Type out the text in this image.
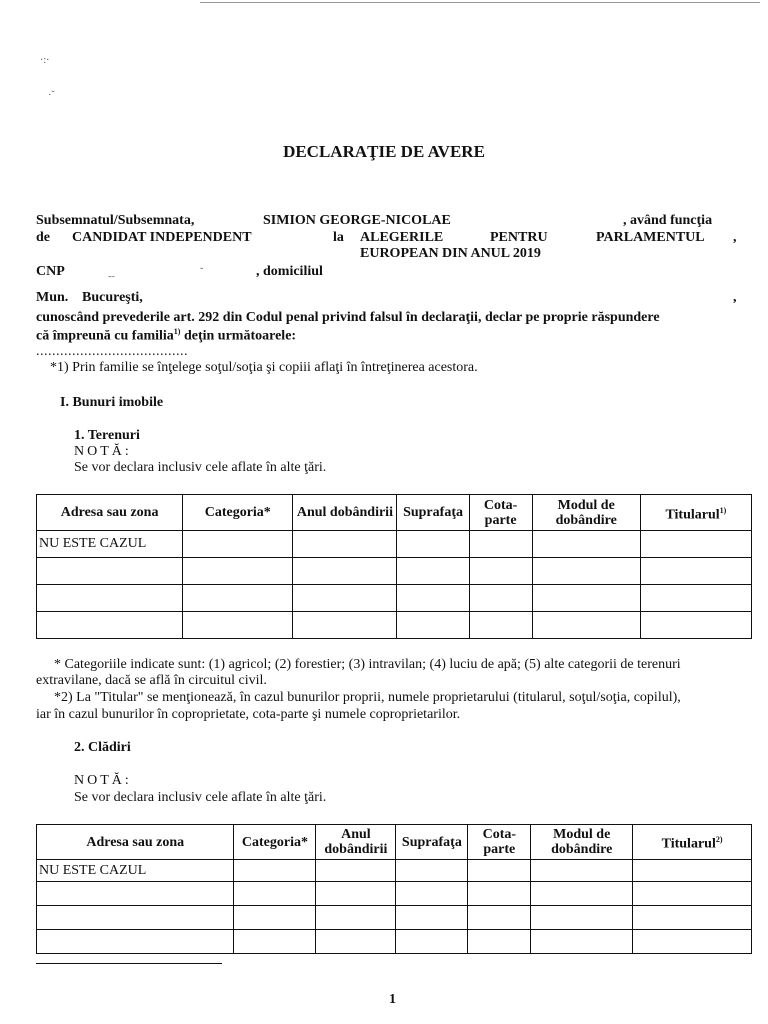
·:·
·˘
DECLARAŢIE DE AVERE
Subsemnatul/Subsemnata,	SIMION GEORGE-NICOLAE	, având funcţia
de CANDIDAT INDEPENDENT	la ALEGERILE	PENTRU	PARLAMENTUL ,
EUROPEAN DIN ANUL 2019
CNP	˷˷	˘	, domiciliul
Mun. Bucureşti,	,
cunoscând prevederile art. 292 din Codul penal privind falsul în declaraţii, declar pe proprie răspundere
că împreună cu familia$^{1)}$ deţin următoarele:
......................................
*1) Prin familie se înţelege soţul/soţia şi copiii aflaţi în întreţinerea acestora.
I. Bunuri imobile
1. Terenuri
NOTĂ:
Se vor declara inclusiv cele aflate în alte ţări.
Adresa sau zona	Categoria*	Anul dobândirii	Suprafaţa	Cota-parte	Modul de dobândire	Titularul$^{1)}$
NU ESTE CAZUL						

* Categoriile indicate sunt: (1) agricol; (2) forestier; (3) intravilan; (4) luciu de apă; (5) alte categorii de terenuri
extravilane, dacă se află în circuitul civil.
*2) La "Titular" se menţionează, în cazul bunurilor proprii, numele proprietarului (titularul, soţul/soţia, copilul),
iar în cazul bunurilor în coproprietate, cota-parte şi numele coproprietarilor.
2. Clădiri
NOTĂ:
Se vor declara inclusiv cele aflate în alte ţări.
Adresa sau zona	Categoria*	Anul dobândirii	Suprafaţa	Cota-parte	Modul de dobândire	Titularul$^{2)}$
NU ESTE CAZUL						

1
